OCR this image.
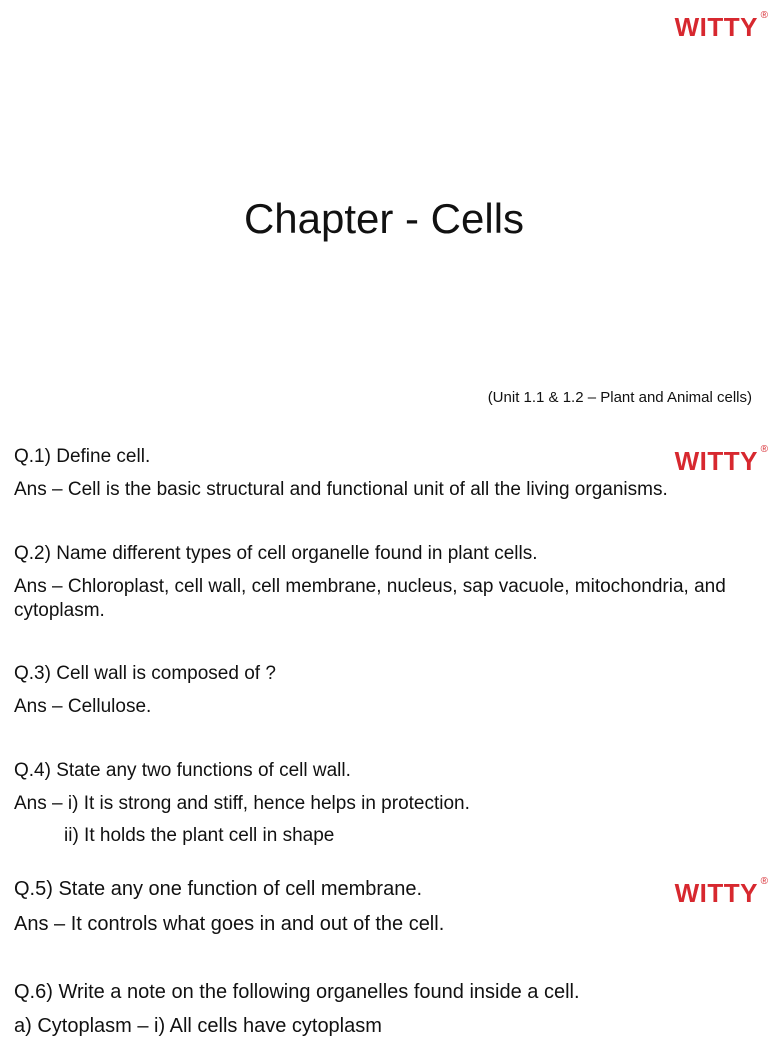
WITTY ®
Chapter - Cells
(Unit 1.1 & 1.2 – Plant and Animal cells)
WITTY ®
Q.1) Define cell.
Ans – Cell is the basic structural and functional unit of all the living organisms.
Q.2) Name different types of cell organelle found in plant cells.
Ans – Chloroplast, cell wall, cell membrane, nucleus, sap vacuole, mitochondria, and cytoplasm.
Q.3) Cell wall is composed of ?
Ans – Cellulose.
Q.4) State any two functions of cell wall.
Ans – i) It is strong and stiff, hence helps in protection.
ii) It holds the plant cell in shape
WITTY ®
Q.5) State any one function of cell membrane.
Ans – It controls what goes in and out of the cell.
Q.6) Write a note on the following organelles found inside a cell.
a) Cytoplasm – i) All cells have cytoplasm
